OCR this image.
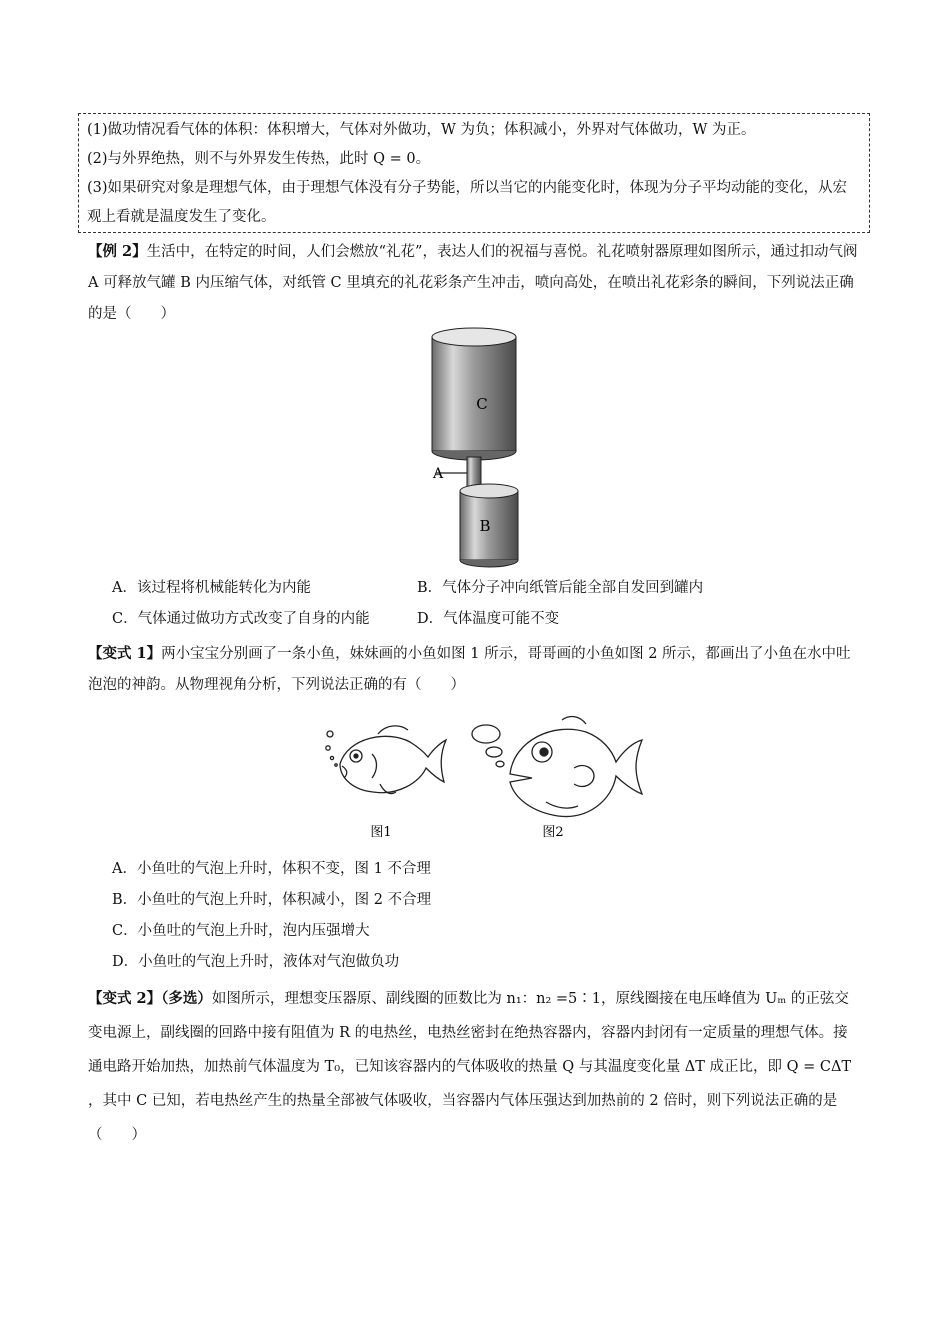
(1)做功情况看气体的体积：体积增大，气体对外做功，W 为负；体积减小，外界对气体做功，W 为正。

(2)与外界绝热，则不与外界发生传热，此时 Q = 0。

(3)如果研究对象是理想气体，由于理想气体没有分子势能，所以当它的内能变化时，体现为分子平均动能的变化，从宏观上看就是温度发生了变化。

【例 2】生活中，在特定的时间，人们会燃放“礼花”，表达人们的祝福与喜悦。礼花喷射器原理如图所示，通过扣动气阀 A 可释放气罐 B 内压缩气体，对纸管 C 里填充的礼花彩条产生冲击，喷向高处，在喷出礼花彩条的瞬间，下列说法正确的是（　　）

C
A
B
A．该过程将机械能转化为内能	B．气体分子冲向纸管后能全部自发回到罐内
C．气体通过做功方式改变了自身的内能	D．气体温度可能不变

【变式 1】两小宝宝分别画了一条小鱼，妹妹画的小鱼如图 1 所示，哥哥画的小鱼如图 2 所示，都画出了小鱼在水中吐泡泡的神韵。从物理视角分析，下列说法正确的有（　　）

图1	图2
A．小鱼吐的气泡上升时，体积不变，图 1 不合理
B．小鱼吐的气泡上升时，体积减小，图 2 不合理
C．小鱼吐的气泡上升时，泡内压强增大
D．小鱼吐的气泡上升时，液体对气泡做负功

【变式 2】（多选）如图所示，理想变压器原、副线圈的匝数比为 n₁：n₂ =5∶1，原线圈接在电压峰值为 Uₘ 的正弦交变电源上，副线圈的回路中接有阻值为 R 的电热丝，电热丝密封在绝热容器内，容器内封闭有一定质量的理想气体。接通电路开始加热，加热前气体温度为 T₀，已知该容器内的气体吸收的热量 Q 与其温度变化量 ΔT 成正比，即 Q = CΔT ，其中 C 已知，若电热丝产生的热量全部被气体吸收，当容器内气体压强达到加热前的 2 倍时，则下列说法正确的是（　　）
